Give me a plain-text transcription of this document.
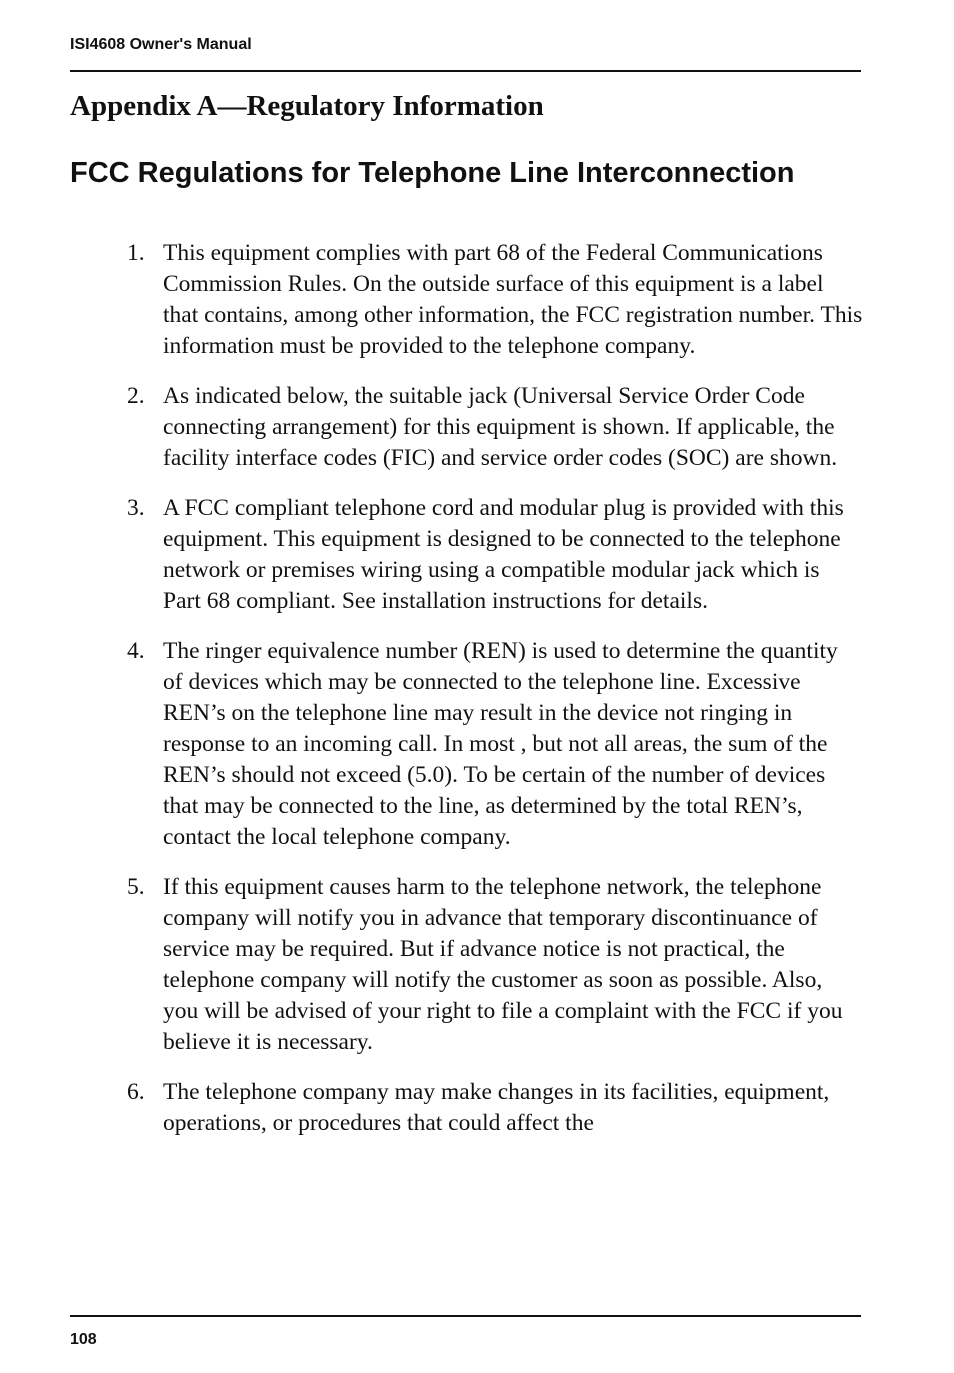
ISI4608 Owner's Manual
Appendix A—Regulatory Information
FCC Regulations for Telephone Line Interconnection
1. This equipment complies with part 68 of the Federal Communications Commission Rules. On the outside surface of this equipment is a label that contains, among other information, the FCC registration number. This information must be provided to the telephone company.
2. As indicated below, the suitable jack (Universal Service Order Code connecting arrangement) for this equipment is shown. If applicable, the facility interface codes (FIC) and service order codes (SOC) are shown.
3. A FCC compliant telephone cord and modular plug is provided with this equipment. This equipment is designed to be connected to the telephone network or premises wiring using a compatible modular jack which is Part 68 compliant. See installation instructions for details.
4. The ringer equivalence number (REN) is used to determine the quantity of devices which may be connected to the telephone line. Excessive REN’s on the telephone line may result in the device not ringing in response to an incoming call. In most , but not all areas, the sum of the REN’s should not exceed (5.0). To be certain of the number of devices that may be connected to the line, as determined by the total REN’s, contact the local telephone company.
5. If this equipment causes harm to the telephone network, the telephone company will notify you in advance that temporary discontinuance of service may be required. But if advance notice is not practical, the telephone company will notify the customer as soon as possible. Also, you will be advised of your right to file a complaint with the FCC if you believe it is necessary.
6. The telephone company may make changes in its facilities, equipment, operations, or procedures that could affect the
108
